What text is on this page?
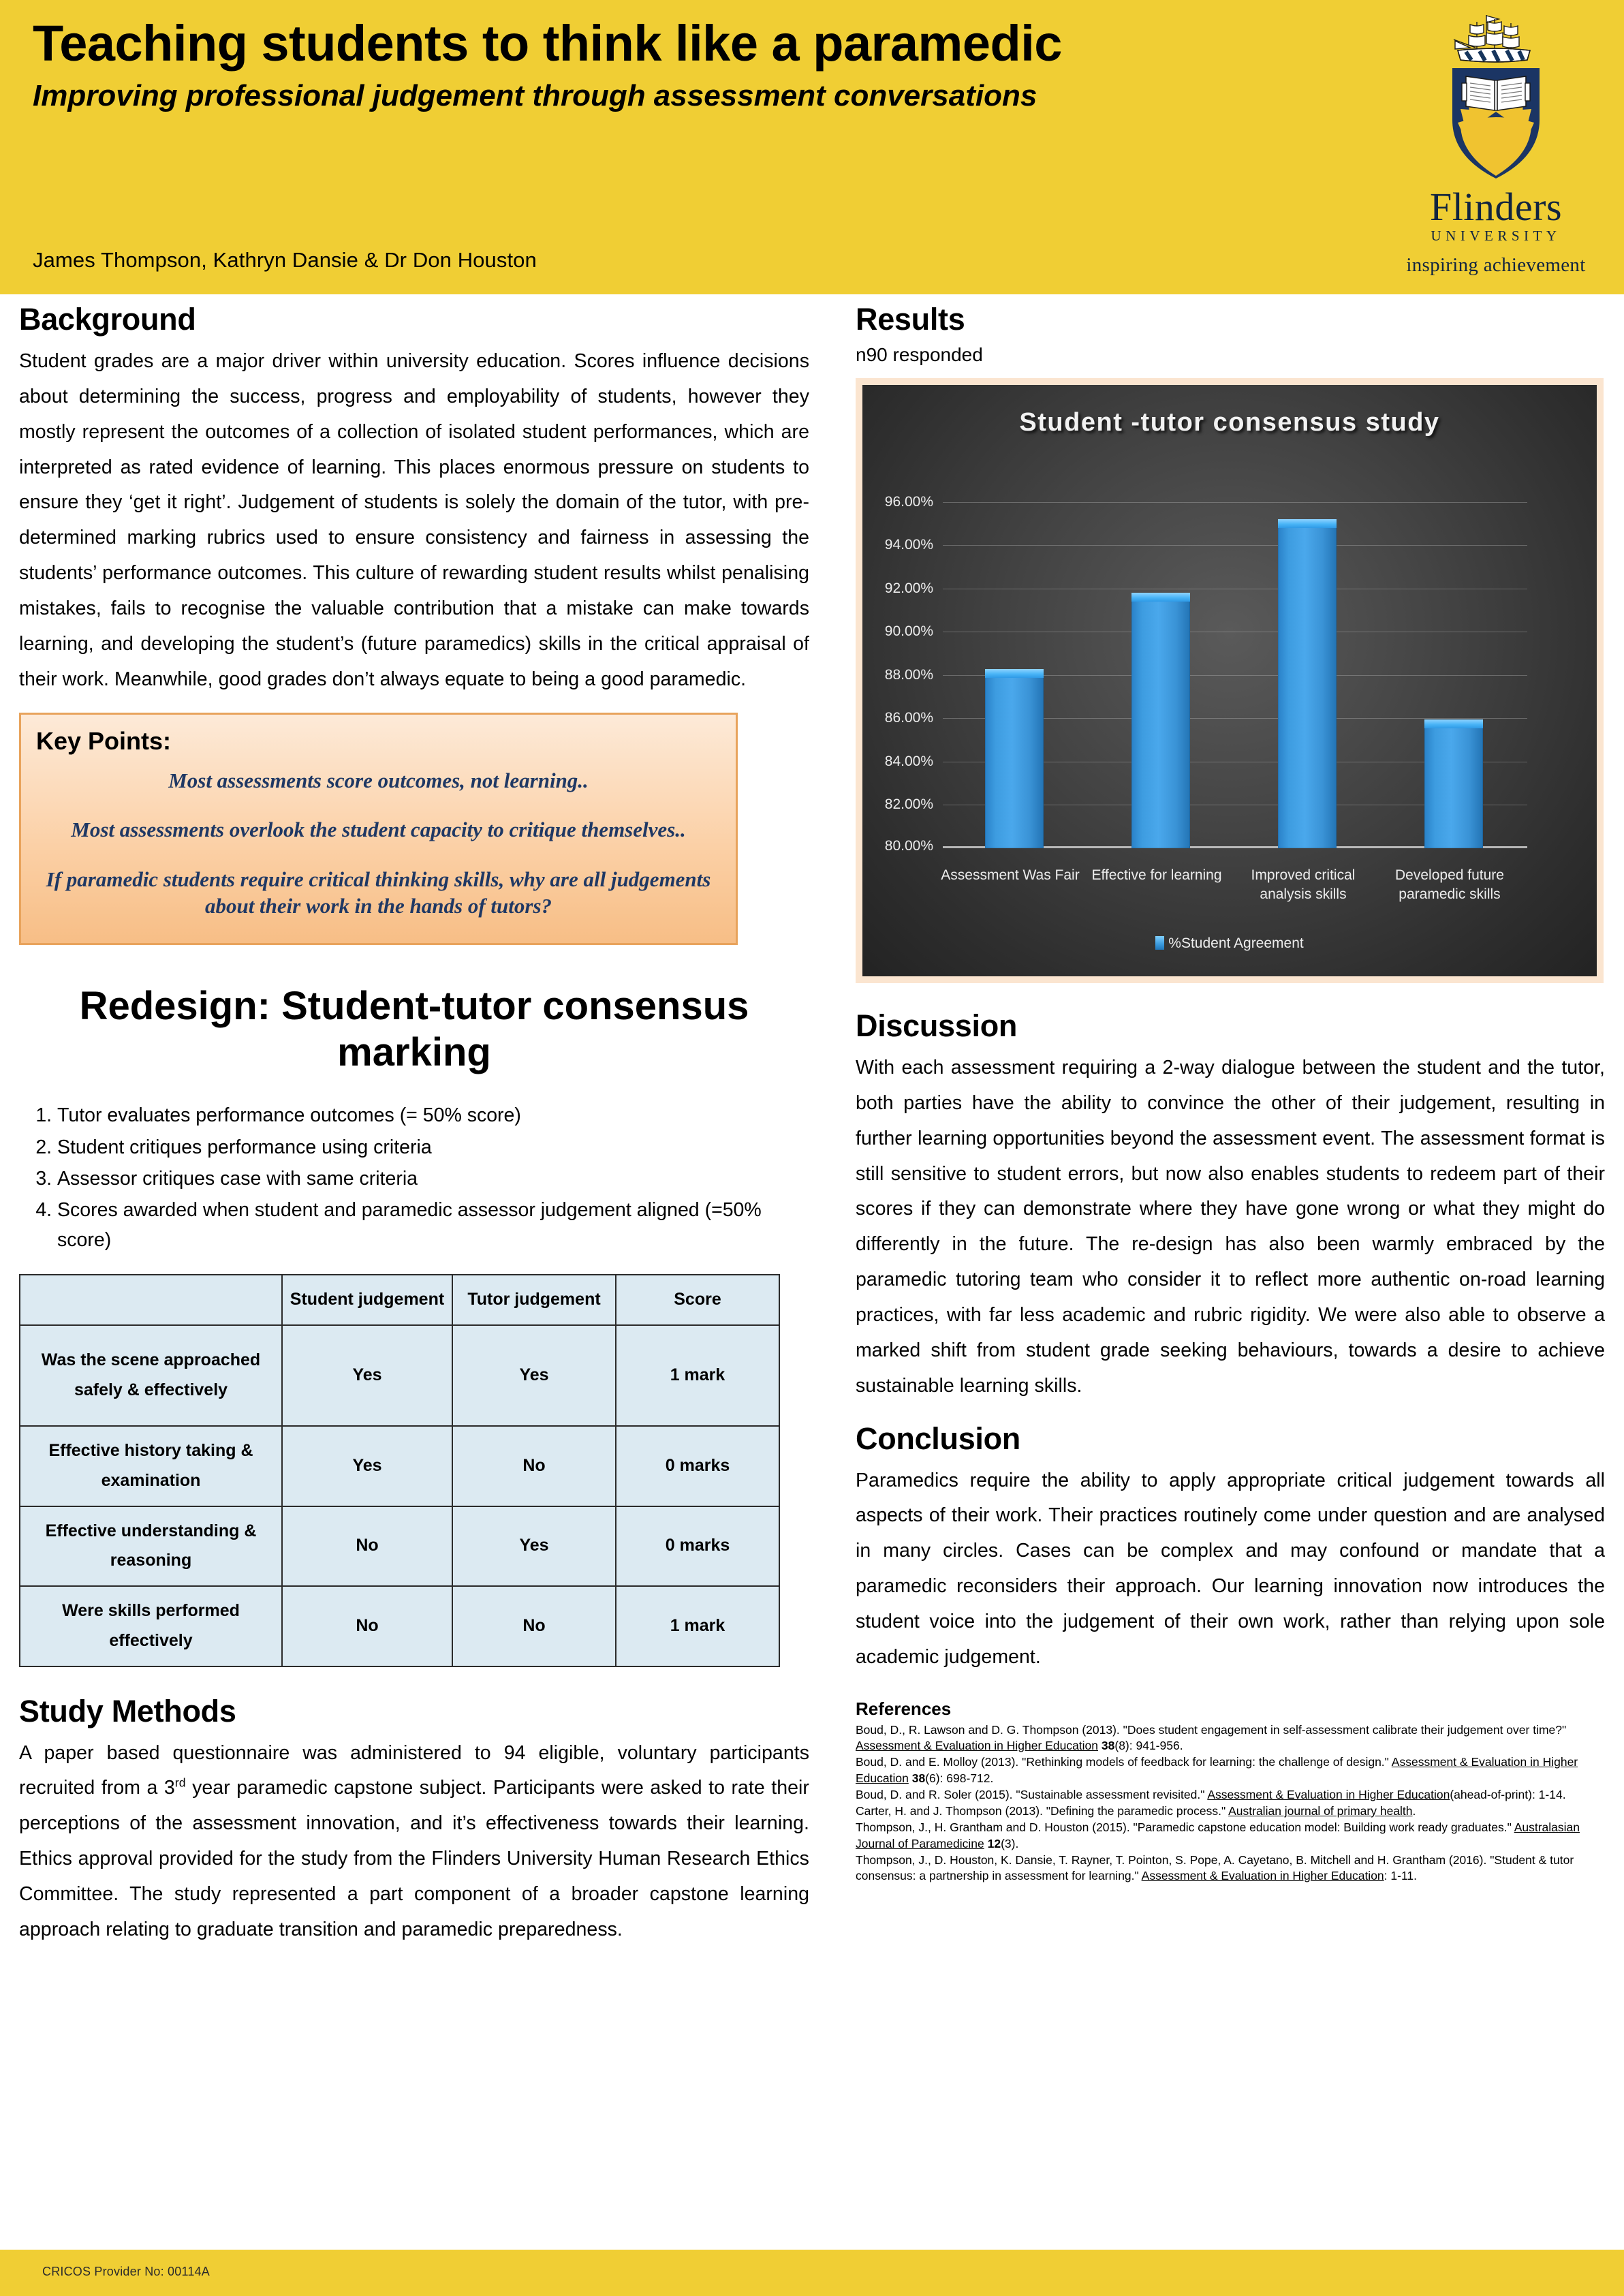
Teaching students to think like a paramedic
Improving professional judgement through assessment conversations
James Thompson, Kathryn Dansie & Dr Don Houston
Flinders
UNIVERSITY
inspiring achievement
Background

Student grades are a major driver within university education. Scores influence decisions about determining the success, progress and employability of students, however they mostly represent the outcomes of a collection of isolated student performances, which are interpreted as rated evidence of learning. This places enormous pressure on students to ensure they ‘get it right’. Judgement of students is solely the domain of the tutor, with pre-determined marking rubrics used to ensure consistency and fairness in assessing the students’ performance outcomes. This culture of rewarding student results whilst penalising mistakes, fails to recognise the valuable contribution that a mistake can make towards learning, and developing the student’s (future paramedics) skills in the critical appraisal of their work. Meanwhile, good grades don’t always equate to being a good paramedic.

Key Points:
Most assessments score outcomes, not learning..
Most assessments overlook the student capacity to critique themselves..
If paramedic students require critical thinking skills, why are all judgements about their work in the hands of tutors?
Redesign: Student-tutor consensus marking
1. Tutor evaluates performance outcomes (= 50% score)
2. Student critiques performance using criteria
3. Assessor critiques case with same criteria
4. Scores awarded when student and paramedic assessor judgement aligned (=50% score)
	Student judgement	Tutor judgement	Score
Was the scene approached safely & effectively	Yes	Yes	1 mark
Effective history taking & examination	Yes	No	0 marks
Effective understanding & reasoning	No	Yes	0 marks
Were skills performed effectively	No	No	1 mark
Study Methods

A paper based questionnaire was administered to 94 eligible, voluntary participants recruited from a 3rd year paramedic capstone subject. Participants were asked to rate their perceptions of the assessment innovation, and it’s effectiveness towards their learning. Ethics approval provided for the study from the Flinders University Human Research Ethics Committee. The study represented a part component of a broader capstone learning approach relating to graduate transition and paramedic preparedness.

Results
n90 responded
Student -tutor consensus study
96.00%
94.00%
92.00%
90.00%
88.00%
86.00%
84.00%
82.00%
80.00%
Assessment Was Fair Effective for learning	Improved critical analysis skills
Developed future paramedic skills
%Student Agreement
Discussion

With each assessment requiring a 2-way dialogue between the student and the tutor, both parties have the ability to convince the other of their judgement, resulting in further learning opportunities beyond the assessment event. The assessment format is still sensitive to student errors, but now also enables students to redeem part of their scores if they can demonstrate where they have gone wrong or what they might do differently in the future. The re-design has also been warmly embraced by the paramedic tutoring team who consider it to reflect more authentic on-road learning practices, with far less academic and rubric rigidity. We were also able to observe a marked shift from student grade seeking behaviours, towards a desire to achieve sustainable learning skills.

Conclusion

Paramedics require the ability to apply appropriate critical judgement towards all aspects of their work. Their practices routinely come under question and are analysed in many circles. Cases can be complex and may confound or mandate that a paramedic reconsiders their approach. Our learning innovation now introduces the student voice into the judgement of their own work, rather than relying upon sole academic judgement.

References
Boud, D., R. Lawson and D. G. Thompson (2013). "Does student engagement in self-assessment calibrate their judgement over time?" Assessment & Evaluation in Higher Education 38(8): 941-956.
Boud, D. and E. Molloy (2013). "Rethinking models of feedback for learning: the challenge of design." Assessment & Evaluation in Higher Education 38(6): 698-712.
Boud, D. and R. Soler (2015). "Sustainable assessment revisited." Assessment & Evaluation in Higher Education(ahead-of-print): 1-14.
Carter, H. and J. Thompson (2013). "Defining the paramedic process." Australian journal of primary health.
Thompson, J., H. Grantham and D. Houston (2015). "Paramedic capstone education model: Building work ready graduates." Australasian Journal of Paramedicine 12(3).
Thompson, J., D. Houston, K. Dansie, T. Rayner, T. Pointon, S. Pope, A. Cayetano, B. Mitchell and H. Grantham (2016). "Student & tutor consensus: a partnership in assessment for learning." Assessment & Evaluation in Higher Education: 1-11.
CRICOS Provider No: 00114A
